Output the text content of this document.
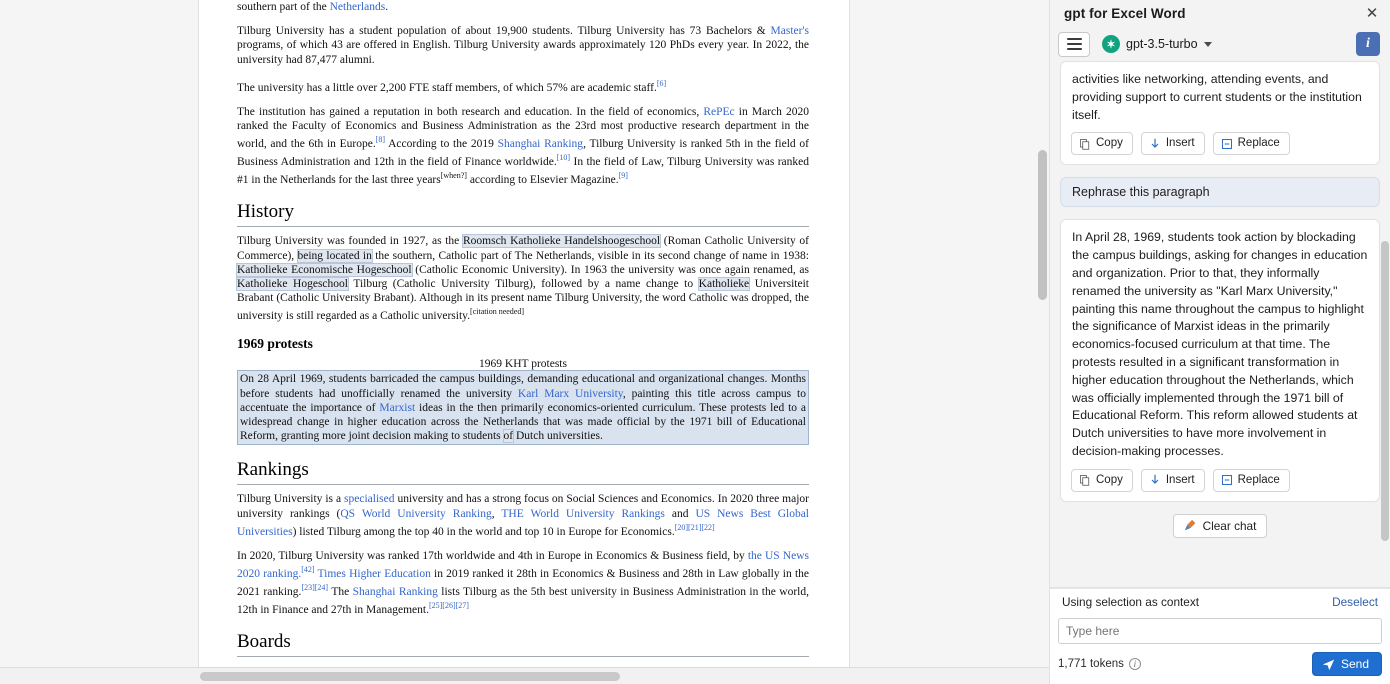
southern part of the Netherlands.

Tilburg University has a student population of about 19,900 students. Tilburg University has 73 Bachelors & Master's programs, of which 43 are offered in English. Tilburg University awards approximately 120 PhDs every year. In 2022, the university had 87,477 alumni.

The university has a little over 2,200 FTE staff members, of which 57% are academic staff.[6]

The institution has gained a reputation in both research and education. In the field of economics, RePEc in March 2020 ranked the Faculty of Economics and Business Administration as the 23rd most productive research department in the world, and the 6th in Europe.[8] According to the 2019 Shanghai Ranking, Tilburg University is ranked 5th in the field of Business Administration and 12th in the field of Finance worldwide.[10] In the field of Law, Tilburg University was ranked #1 in the Netherlands for the last three years[when?] according to Elsevier Magazine.[9]

History

Tilburg University was founded in 1927, as the Roomsch Katholieke Handelshoogeschool (Roman Catholic University of Commerce), being located in the southern, Catholic part of The Netherlands, visible in its second change of name in 1938: Katholieke Economische Hogeschool (Catholic Economic University). In 1963 the university was once again renamed, as Katholieke Hogeschool Tilburg (Catholic University Tilburg), followed by a name change to Katholieke Universiteit Brabant (Catholic University Brabant). Although in its present name Tilburg University, the word Catholic was dropped, the university is still regarded as a Catholic university.[citation needed]

1969 protests
1969 KHT protests

On 28 April 1969, students barricaded the campus buildings, demanding educational and organizational changes. Months before students had unofficially renamed the university Karl Marx University, painting this title across campus to accentuate the importance of Marxist ideas in the then primarily economics-oriented curriculum. These protests led to a widespread change in higher education across the Netherlands that was made official by the 1971 bill of Educational Reform, granting more joint decision making to students of Dutch universities.

Rankings

Tilburg University is a specialised university and has a strong focus on Social Sciences and Economics. In 2020 three major university rankings (QS World University Ranking, THE World University Rankings and US News Best Global Universities) listed Tilburg among the top 40 in the world and top 10 in Europe for Economics.[20][21][22]

In 2020, Tilburg University was ranked 17th worldwide and 4th in Europe in Economics & Business field, by the US News 2020 ranking.[42] Times Higher Education in 2019 ranked it 28th in Economics & Business and 28th in Law globally in the 2021 ranking.[23][24] The Shanghai Ranking lists Tilburg as the 5th best university in Business Administration in the world, 12th in Finance and 27th in Management.[25][26][27]

Boards
gpt for Excel Word	✕
✶ gpt-3.5-turbo	i
activities like networking, attending events, and providing support to current students or the institution itself.
Copy	Insert	Replace
Rephrase this paragraph
In April 28, 1969, students took action by blockading the campus buildings, asking for changes in education and organization. Prior to that, they informally renamed the university as "Karl Marx University," painting this name throughout the campus to highlight the significance of Marxist ideas in the primarily economics-focused curriculum at that time. The protests resulted in a significant transformation in higher education throughout the Netherlands, which was officially implemented through the 1971 bill of Educational Reform. This reform allowed students at Dutch universities to have more involvement in decision-making processes.
Copy	Insert	Replace
Clear chat
Using selection as context	Deselect
Type here
1,771 tokens	i	Send
